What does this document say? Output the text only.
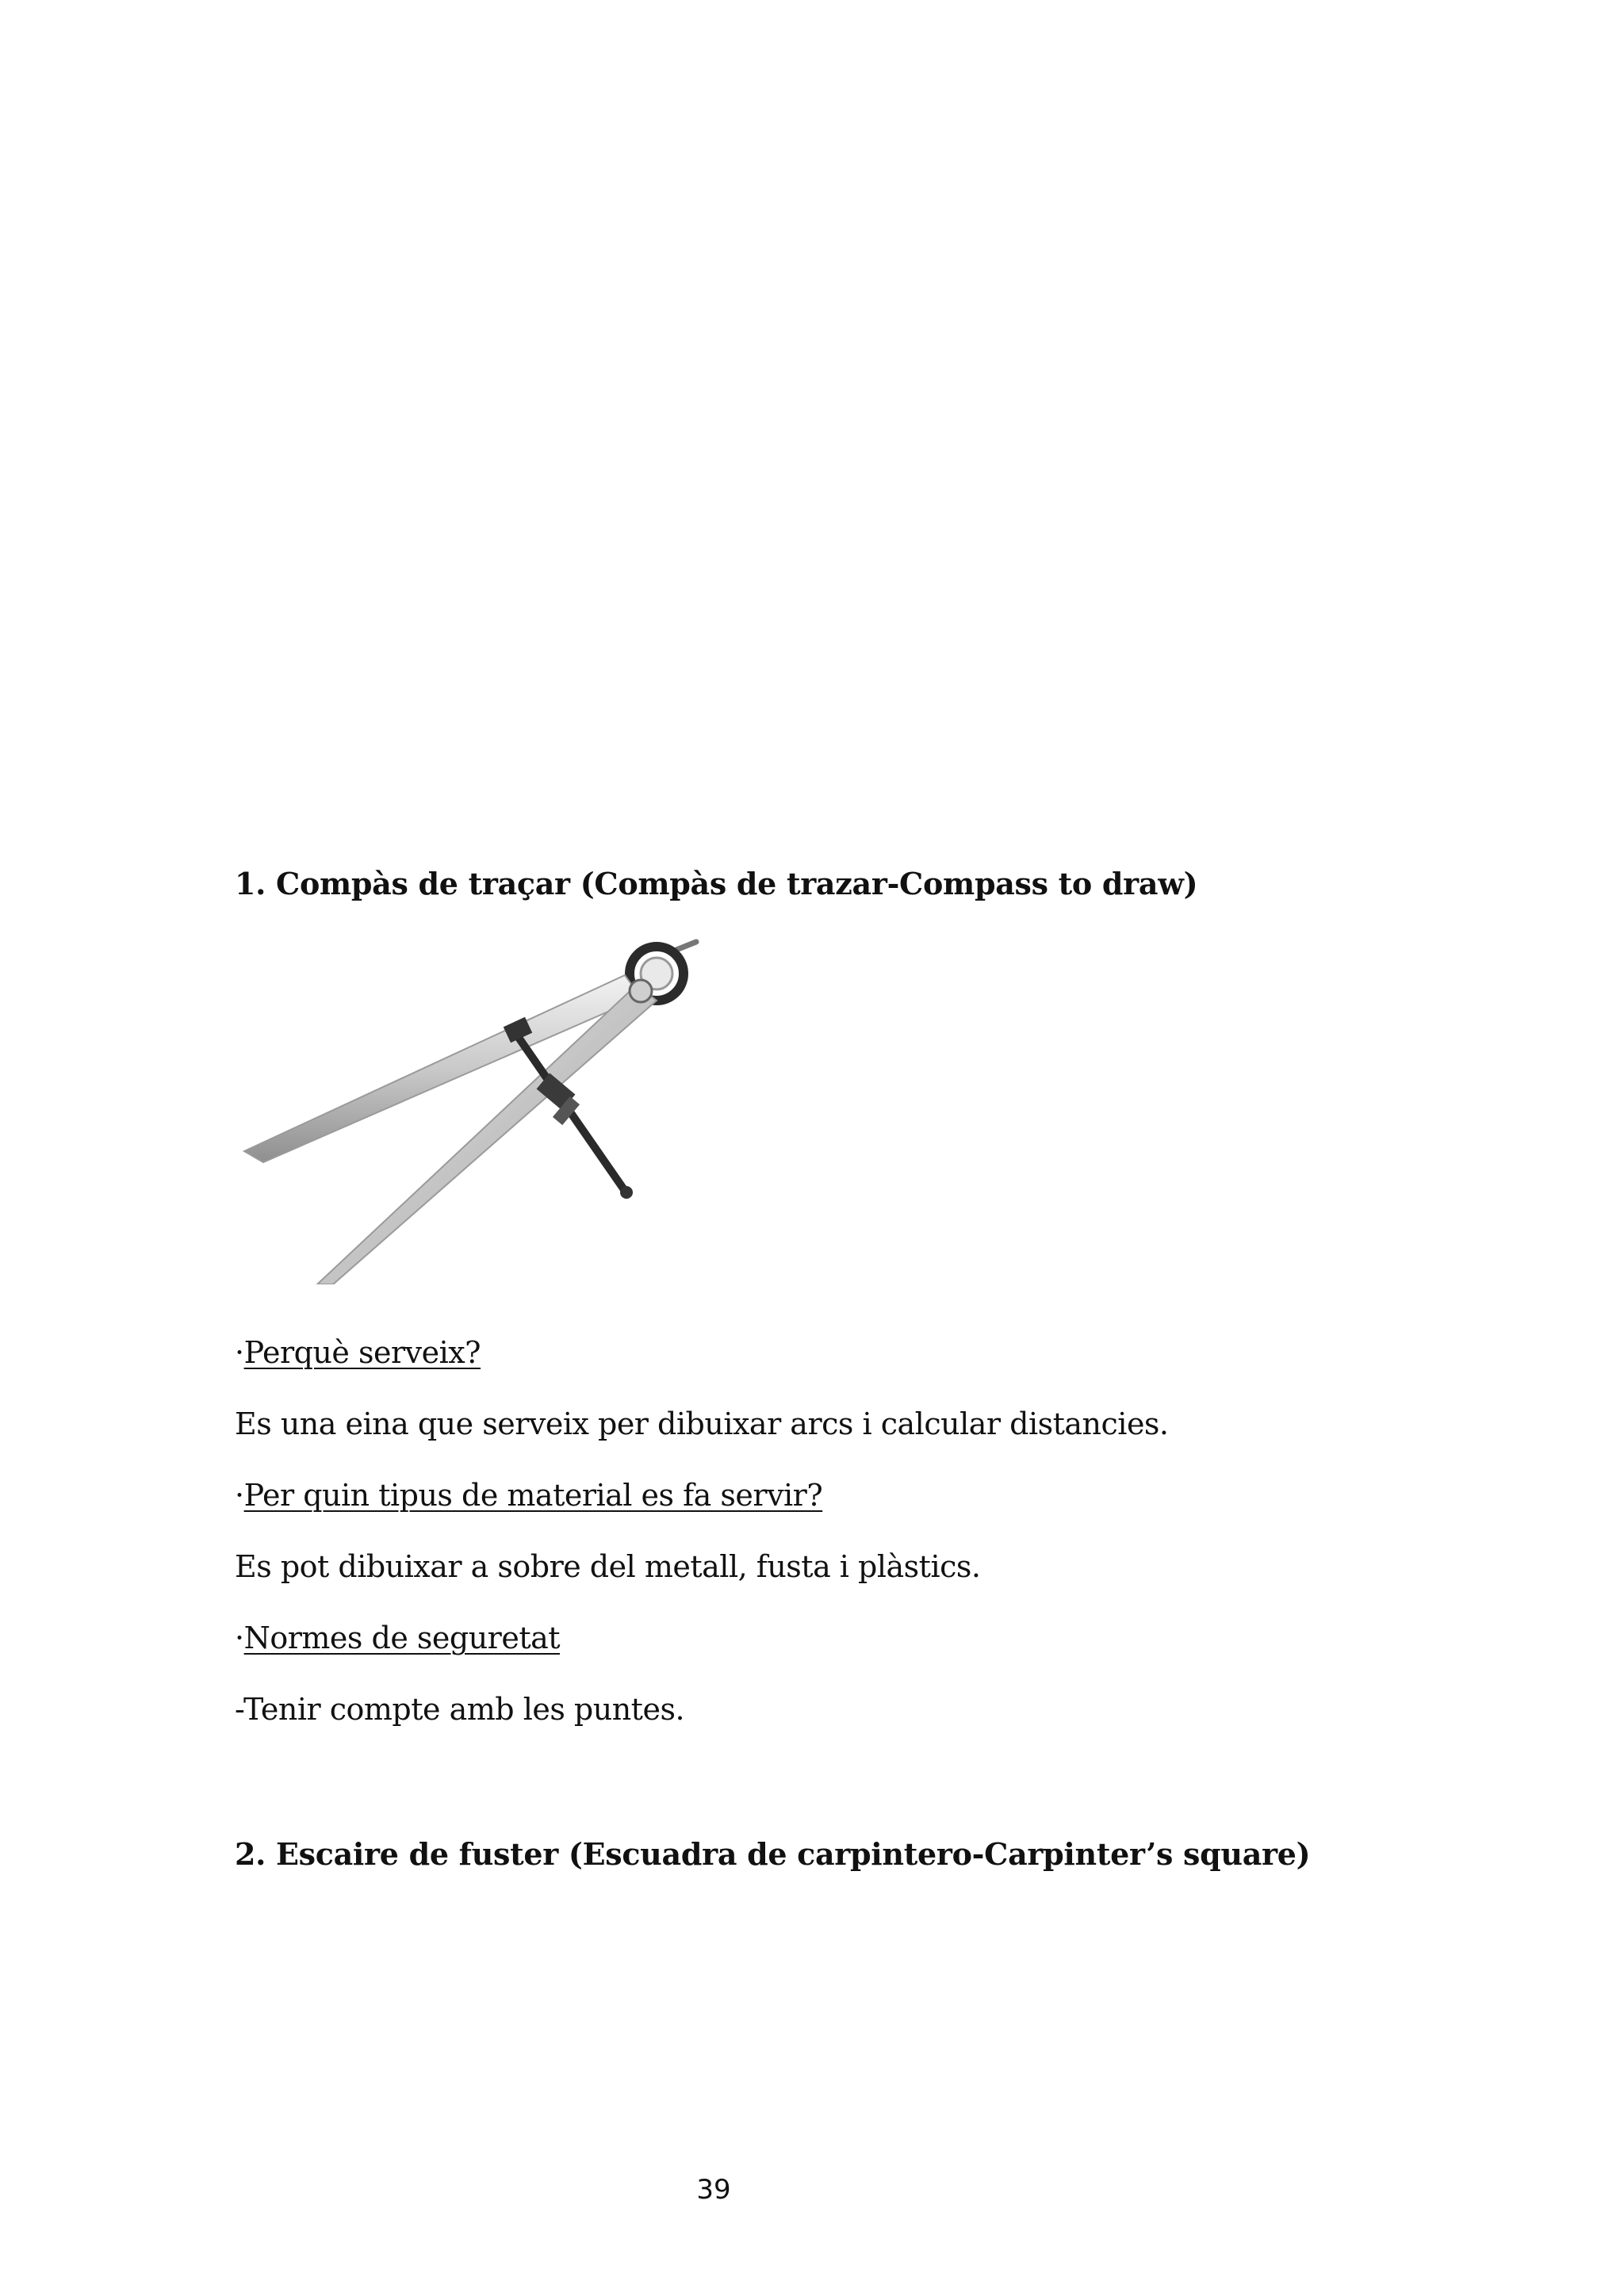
1. Compàs de traçar (Compàs de trazar-Compass to draw)

·Perquè serveix?

Es una eina que serveix per dibuixar arcs i calcular distancies.

·Per quin tipus de material es fa servir?

Es pot dibuixar a sobre del metall, fusta i plàstics.

·Normes de seguretat

-Tenir compte amb les puntes.

2. Escaire de fuster (Escuadra de carpintero-Carpinter’s square)
39
